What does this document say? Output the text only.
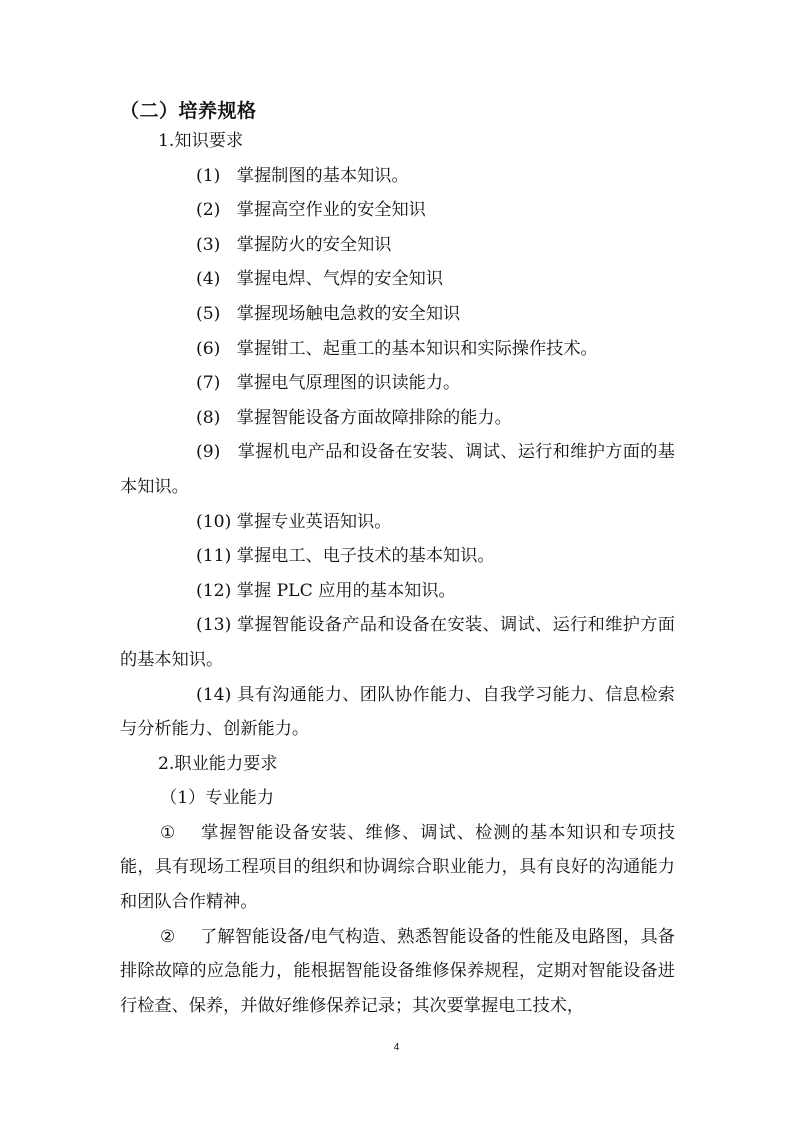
（二）培养规格

1.知识要求

(1) 掌握制图的基本知识。

(2) 掌握高空作业的安全知识

(3) 掌握防火的安全知识

(4) 掌握电焊、气焊的安全知识

(5) 掌握现场触电急救的安全知识

(6) 掌握钳工、起重工的基本知识和实际操作技术。

(7) 掌握电气原理图的识读能力。

(8) 掌握智能设备方面故障排除的能力。

(9) 掌握机电产品和设备在安装、调试、运行和维护方面的基本知识。

(10) 掌握专业英语知识。

(11) 掌握电工、电子技术的基本知识。

(12) 掌握 PLC 应用的基本知识。

(13) 掌握智能设备产品和设备在安装、调试、运行和维护方面的基本知识。

(14) 具有沟通能力、团队协作能力、自我学习能力、信息检索与分析能力、创新能力。

2.职业能力要求

（1）专业能力

① 掌握智能设备安装、维修、调试、检测的基本知识和专项技能，具有现场工程项目的组织和协调综合职业能力，具有良好的沟通能力和团队合作精神。

② 了解智能设备/电气构造、熟悉智能设备的性能及电路图，具备排除故障的应急能力，能根据智能设备维修保养规程，定期对智能设备进行检查、保养，并做好维修保养记录；其次要掌握电工技术，

4
